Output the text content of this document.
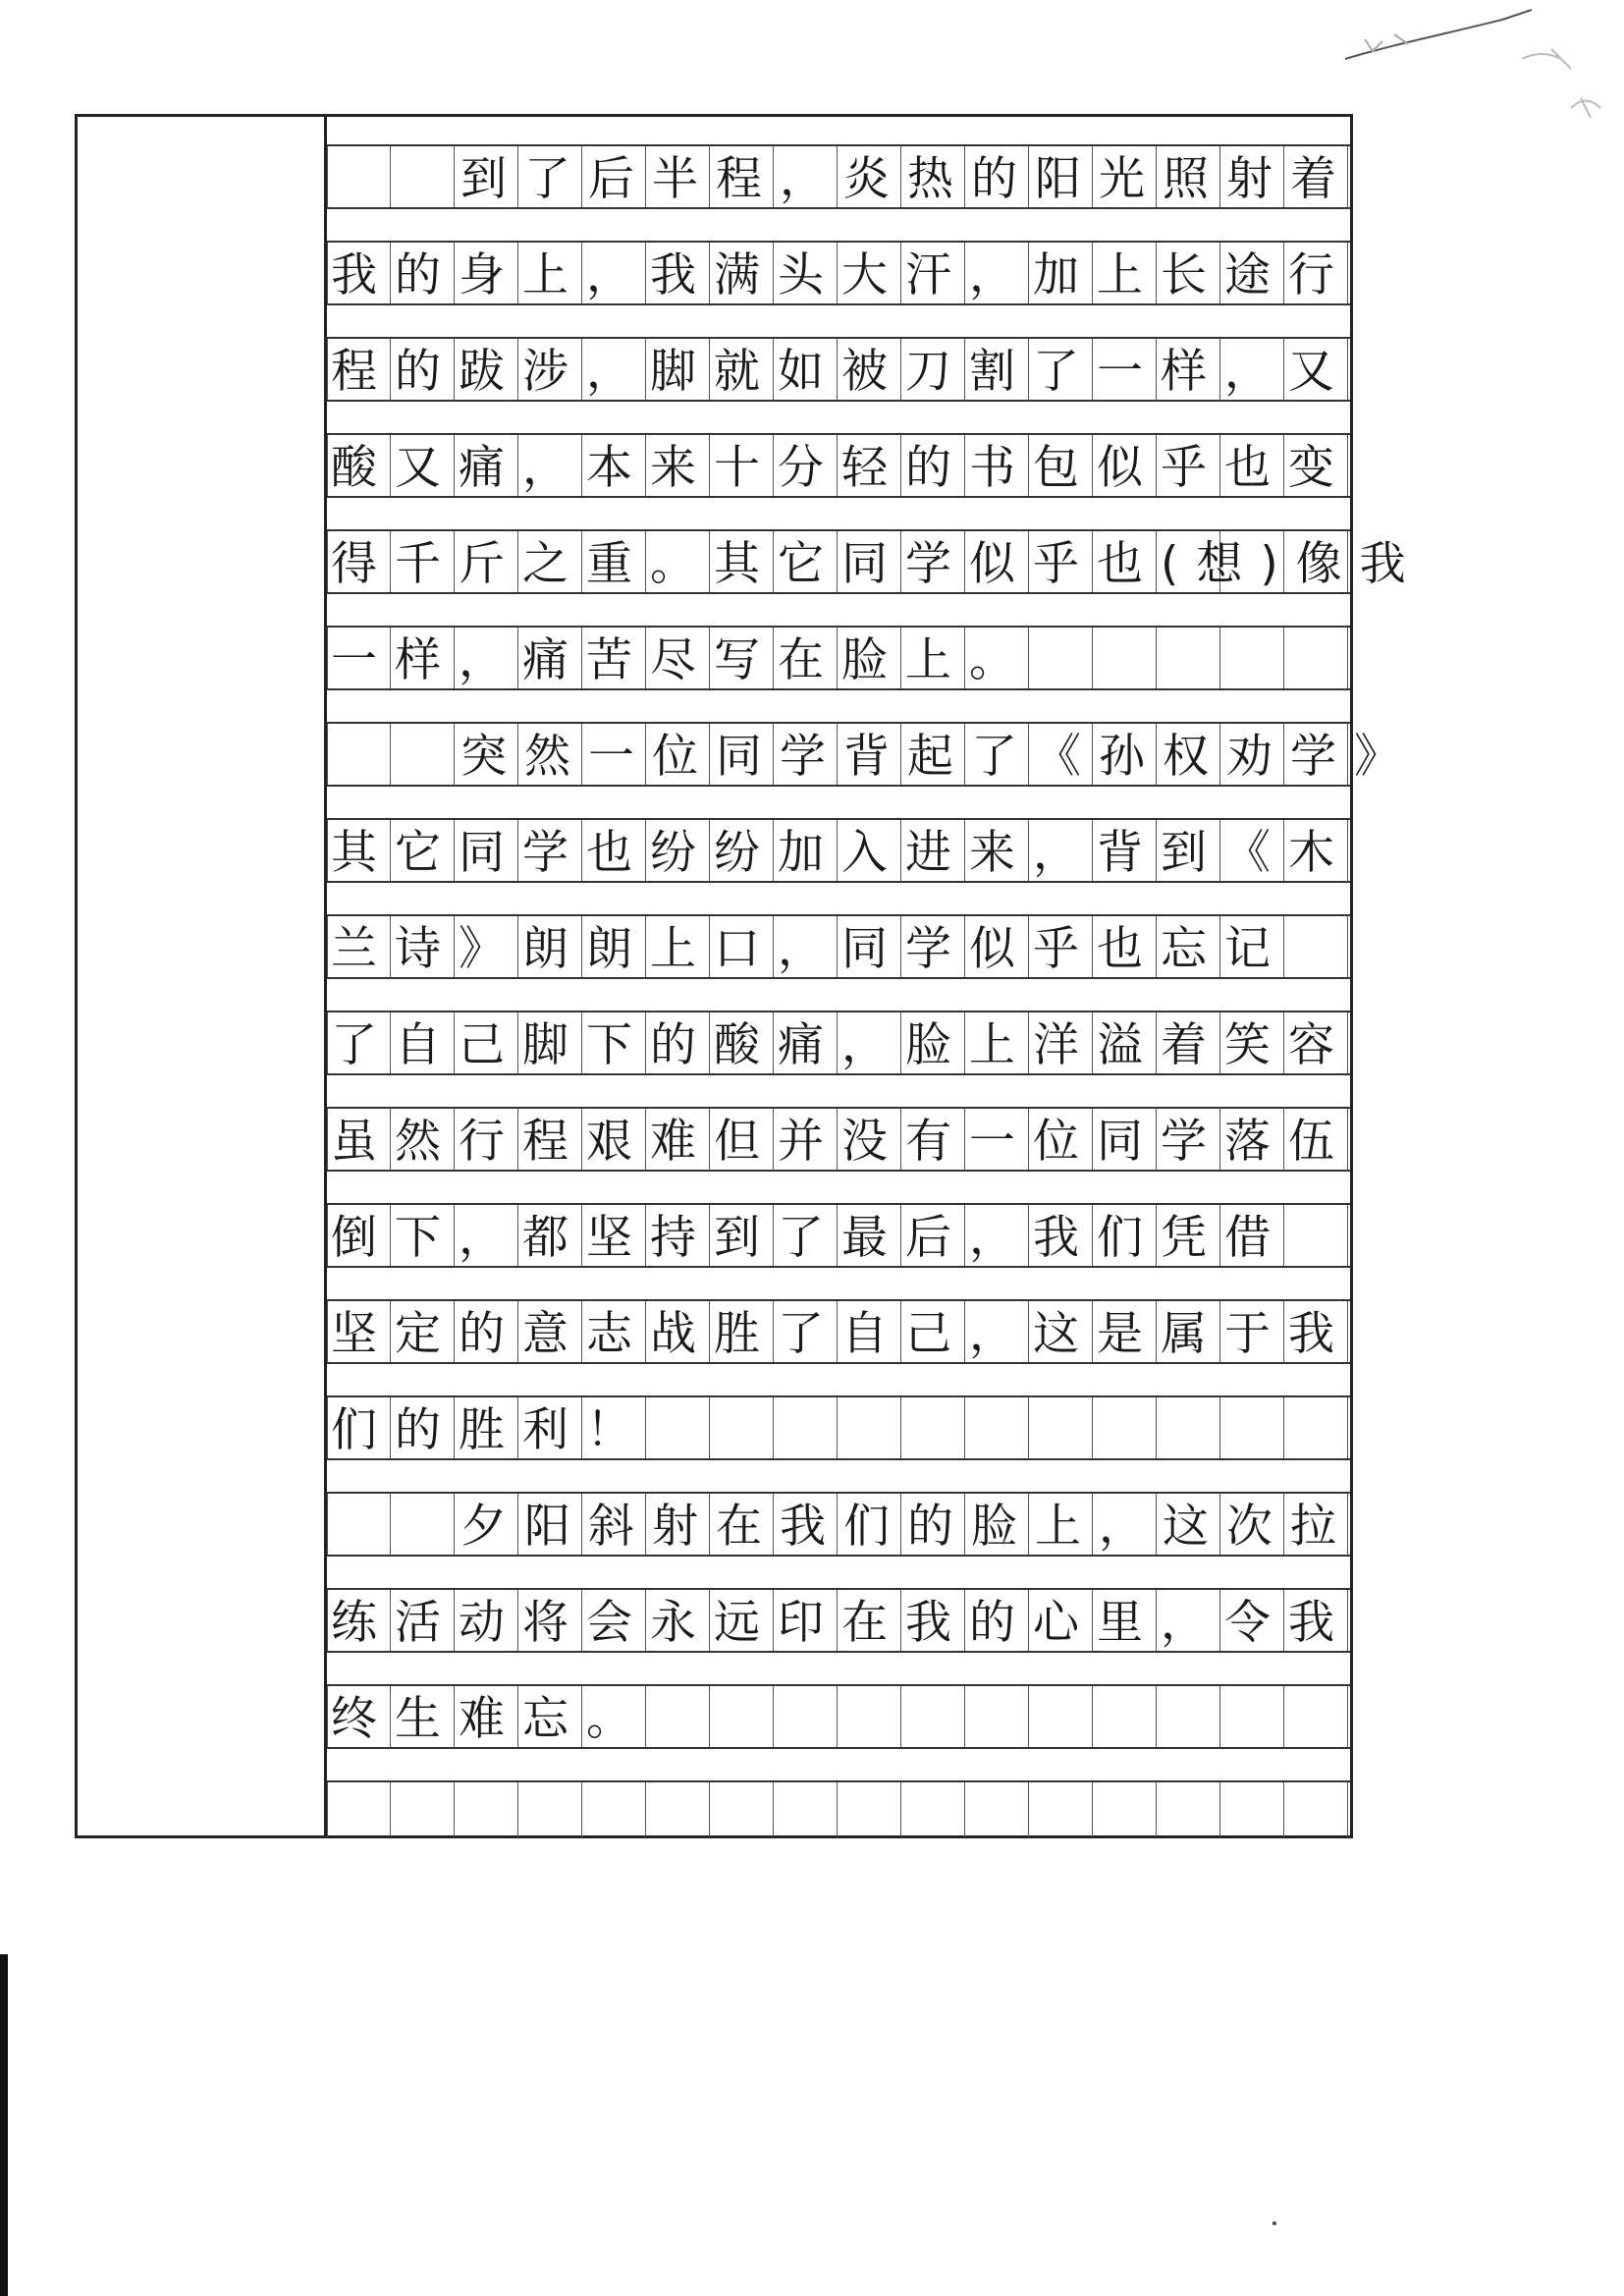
到了后半程，炎热的阳光照射着
我的身上，我满头大汗，加上长途行
程的跋涉，脚就如被刀割了一样，又
酸又痛，本来十分轻的书包似乎也变
得千斤之重。其它同学似乎也(想)像我
一样，痛苦尽写在脸上。
突然一位同学背起了《孙权劝学》
其它同学也纷纷加入进来，背到《木
兰诗》朗朗上口，同学似乎也忘记
了自己脚下的酸痛，脸上洋溢着笑容
虽然行程艰难但并没有一位同学落伍
倒下，都坚持到了最后，我们凭借
坚定的意志战胜了自己，这是属于我
们的胜利！
夕阳斜射在我们的脸上，这次拉
练活动将会永远印在我的心里，令我
终生难忘。
